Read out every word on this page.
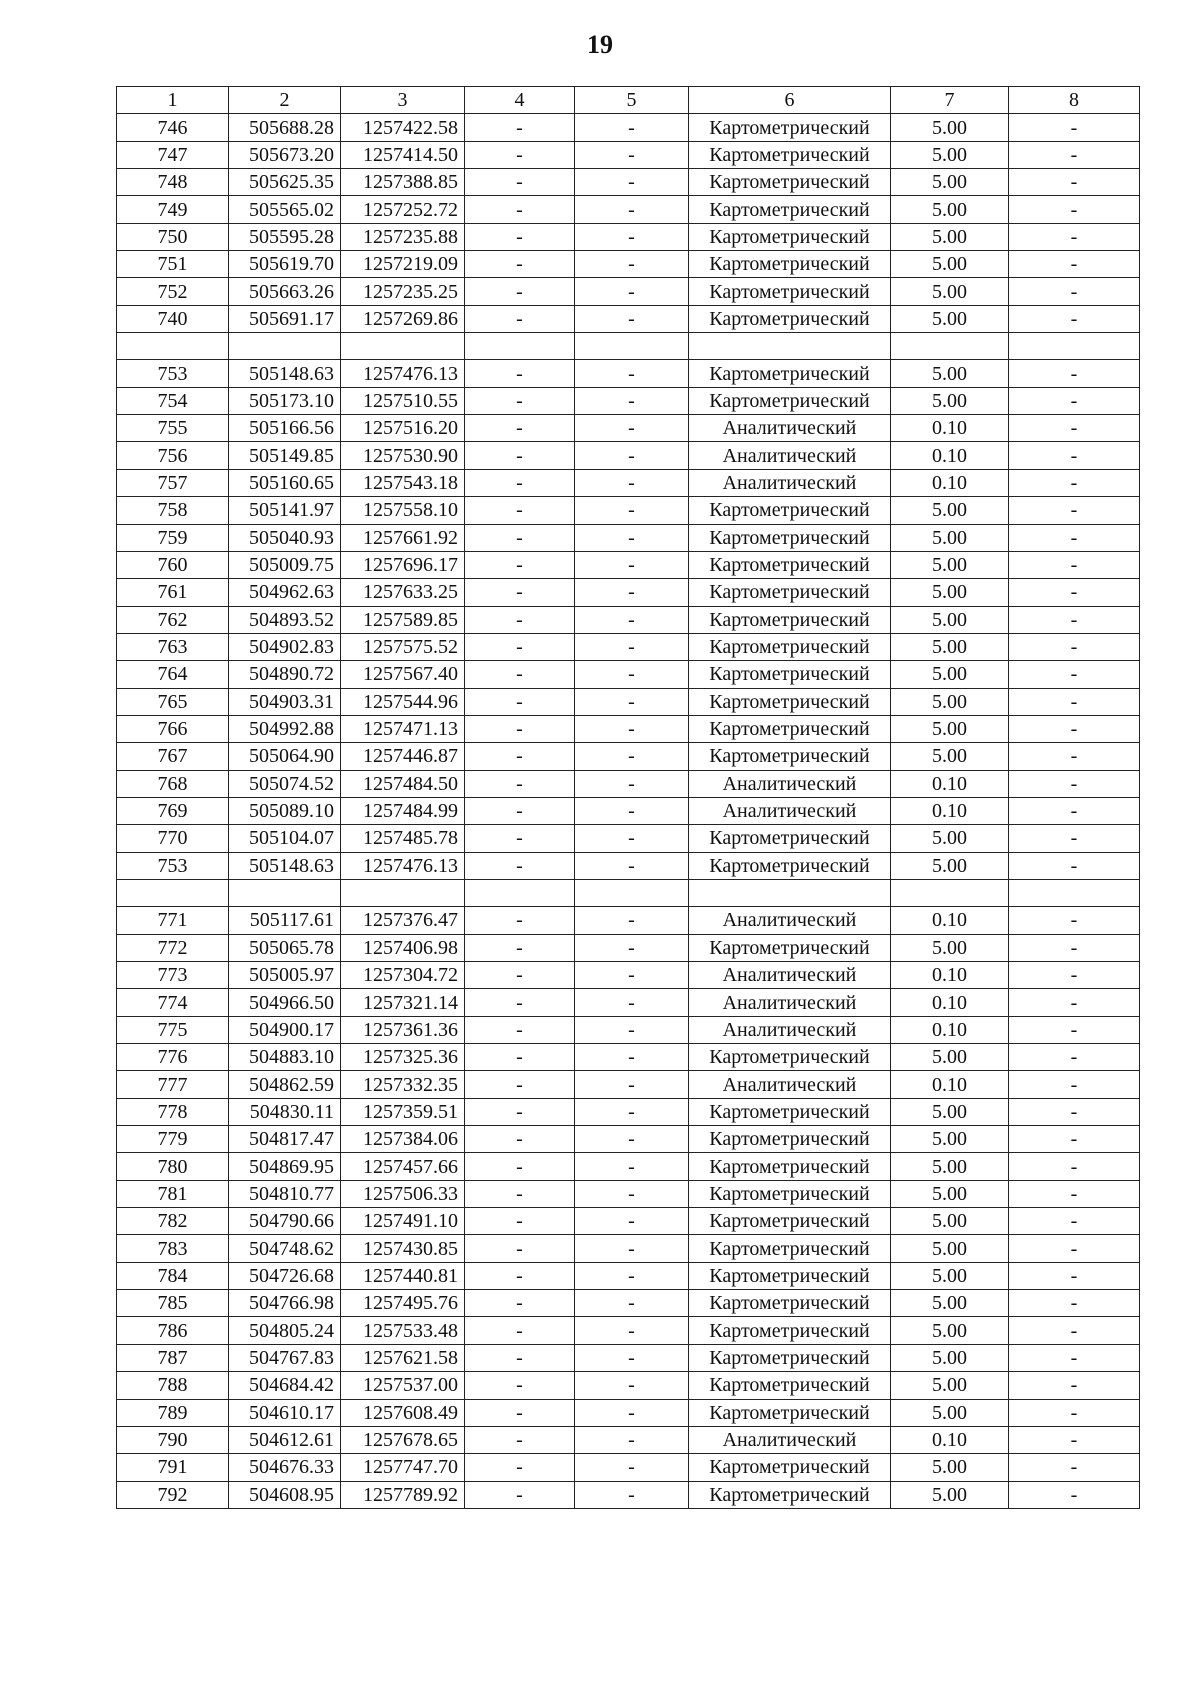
19
1	2	3	4	5	6	7	8
746	505688.28	1257422.58	-	-	Картометрический	5.00	-
747	505673.20	1257414.50	-	-	Картометрический	5.00	-
748	505625.35	1257388.85	-	-	Картометрический	5.00	-
749	505565.02	1257252.72	-	-	Картометрический	5.00	-
750	505595.28	1257235.88	-	-	Картометрический	5.00	-
751	505619.70	1257219.09	-	-	Картометрический	5.00	-
752	505663.26	1257235.25	-	-	Картометрический	5.00	-
740	505691.17	1257269.86	-	-	Картометрический	5.00	-

753	505148.63	1257476.13	-	-	Картометрический	5.00	-
754	505173.10	1257510.55	-	-	Картометрический	5.00	-
755	505166.56	1257516.20	-	-	Аналитический	0.10	-
756	505149.85	1257530.90	-	-	Аналитический	0.10	-
757	505160.65	1257543.18	-	-	Аналитический	0.10	-
758	505141.97	1257558.10	-	-	Картометрический	5.00	-
759	505040.93	1257661.92	-	-	Картометрический	5.00	-
760	505009.75	1257696.17	-	-	Картометрический	5.00	-
761	504962.63	1257633.25	-	-	Картометрический	5.00	-
762	504893.52	1257589.85	-	-	Картометрический	5.00	-
763	504902.83	1257575.52	-	-	Картометрический	5.00	-
764	504890.72	1257567.40	-	-	Картометрический	5.00	-
765	504903.31	1257544.96	-	-	Картометрический	5.00	-
766	504992.88	1257471.13	-	-	Картометрический	5.00	-
767	505064.90	1257446.87	-	-	Картометрический	5.00	-
768	505074.52	1257484.50	-	-	Аналитический	0.10	-
769	505089.10	1257484.99	-	-	Аналитический	0.10	-
770	505104.07	1257485.78	-	-	Картометрический	5.00	-
753	505148.63	1257476.13	-	-	Картометрический	5.00	-

771	505117.61	1257376.47	-	-	Аналитический	0.10	-
772	505065.78	1257406.98	-	-	Картометрический	5.00	-
773	505005.97	1257304.72	-	-	Аналитический	0.10	-
774	504966.50	1257321.14	-	-	Аналитический	0.10	-
775	504900.17	1257361.36	-	-	Аналитический	0.10	-
776	504883.10	1257325.36	-	-	Картометрический	5.00	-
777	504862.59	1257332.35	-	-	Аналитический	0.10	-
778	504830.11	1257359.51	-	-	Картометрический	5.00	-
779	504817.47	1257384.06	-	-	Картометрический	5.00	-
780	504869.95	1257457.66	-	-	Картометрический	5.00	-
781	504810.77	1257506.33	-	-	Картометрический	5.00	-
782	504790.66	1257491.10	-	-	Картометрический	5.00	-
783	504748.62	1257430.85	-	-	Картометрический	5.00	-
784	504726.68	1257440.81	-	-	Картометрический	5.00	-
785	504766.98	1257495.76	-	-	Картометрический	5.00	-
786	504805.24	1257533.48	-	-	Картометрический	5.00	-
787	504767.83	1257621.58	-	-	Картометрический	5.00	-
788	504684.42	1257537.00	-	-	Картометрический	5.00	-
789	504610.17	1257608.49	-	-	Картометрический	5.00	-
790	504612.61	1257678.65	-	-	Аналитический	0.10	-
791	504676.33	1257747.70	-	-	Картометрический	5.00	-
792	504608.95	1257789.92	-	-	Картометрический	5.00	-
